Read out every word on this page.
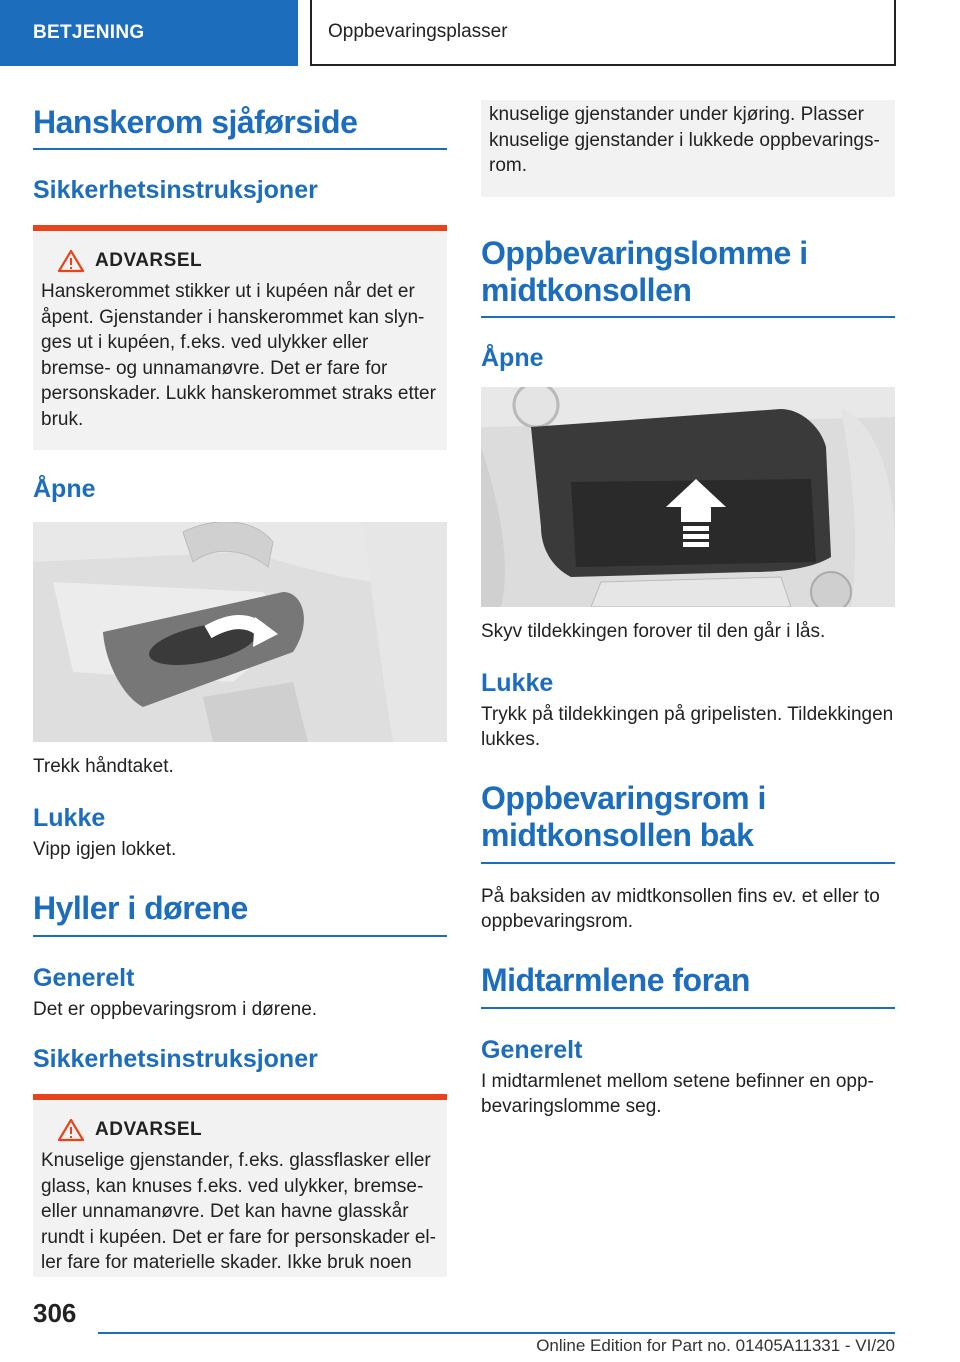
BETJENING	Oppbevaringsplasser
Hanskerom sjåførside
Sikkerhetsinstruksjoner
ADVARSEL

Hanskerommet stikker ut i kupéen når det er åpent. Gjenstander i hanskerommet kan slynges ut i kupéen, f.eks. ved ulykker eller bremse- og unnamanøvre. Det er fare for personskader. Lukk hanskerommet straks etter bruk.

Åpne

Trekk håndtaket.

Lukke

Vipp igjen lokket.

Hyller i dørene
Generelt

Det er oppbevaringsrom i dørene.

Sikkerhetsinstruksjoner
ADVARSEL

Knuselige gjenstander, f.eks. glassflasker eller glass, kan knuses f.eks. ved ulykker, bremse- eller unnamanøvre. Det kan havne glasskår rundt i kupéen. Det er fare for personskader eller fare for materielle skader. Ikke bruk noen

knuselige gjenstander under kjøring. Plasser knuselige gjenstander i lukkede oppbevaringsrom.

Oppbevaringslomme i midtkonsollen
Åpne

Skyv tildekkingen forover til den går i lås.

Lukke

Trykk på tildekkingen på gripelisten. Tildekkingen lukkes.

Oppbevaringsrom i midtkonsollen bak

På baksiden av midtkonsollen fins ev. et eller to oppbevaringsrom.

Midtarmlene foran
Generelt

I midtarmlenet mellom setene befinner en oppbevaringslomme seg.

306
Online Edition for Part no. 01405A11331 - VI/20
